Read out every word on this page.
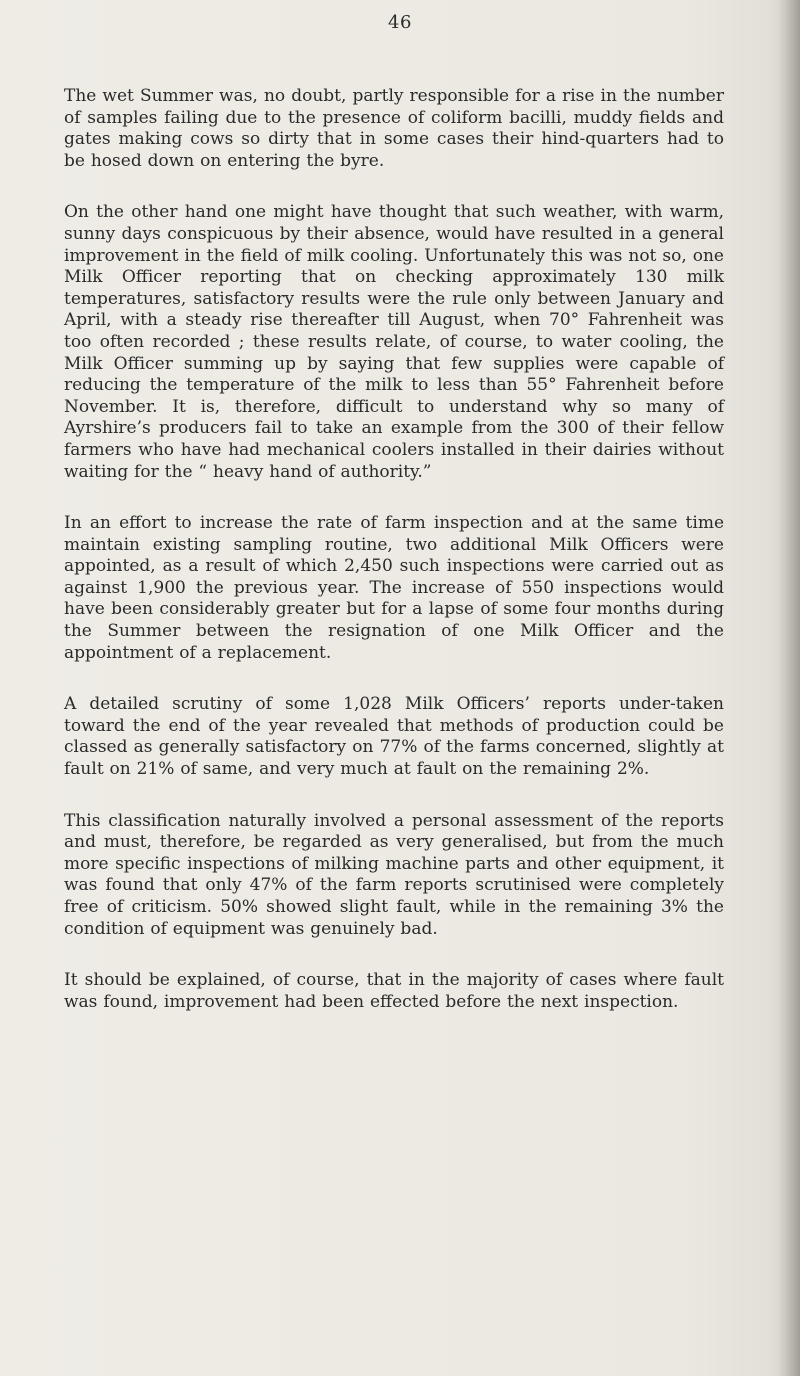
46

The wet Summer was, no doubt, partly responsible for a rise in the number of samples failing due to the presence of coliform bacilli, muddy fields and gates making cows so dirty that in some cases their hind-quarters had to be hosed down on entering the byre.

On the other hand one might have thought that such weather, with warm, sunny days conspicuous by their absence, would have resulted in a general improvement in the field of milk cooling. Unfortunately this was not so, one Milk Officer reporting that on checking approximately 130 milk temperatures, satisfactory results were the rule only between January and April, with a steady rise thereafter till August, when 70° Fahrenheit was too often recorded ; these results relate, of course, to water cooling, the Milk Officer summing up by saying that few supplies were capable of reducing the temperature of the milk to less than 55° Fahrenheit before November. It is, therefore, difficult to understand why so many of Ayrshire’s producers fail to take an example from the 300 of their fellow farmers who have had mechanical coolers installed in their dairies without waiting for the “ heavy hand of authority.”

In an effort to increase the rate of farm inspection and at the same time maintain existing sampling routine, two additional Milk Officers were appointed, as a result of which 2,450 such inspections were carried out as against 1,900 the previous year. The increase of 550 inspections would have been considerably greater but for a lapse of some four months during the Summer between the resignation of one Milk Officer and the appointment of a replacement.

A detailed scrutiny of some 1,028 Milk Officers’ reports under-taken toward the end of the year revealed that methods of production could be classed as generally satisfactory on 77% of the farms concerned, slightly at fault on 21% of same, and very much at fault on the remaining 2%.

This classification naturally involved a personal assessment of the reports and must, therefore, be regarded as very generalised, but from the much more specific inspections of milking machine parts and other equipment, it was found that only 47% of the farm reports scrutinised were completely free of criticism. 50% showed slight fault, while in the remaining 3% the condition of equipment was genuinely bad.

It should be explained, of course, that in the majority of cases where fault was found, improvement had been effected before the next inspection.
